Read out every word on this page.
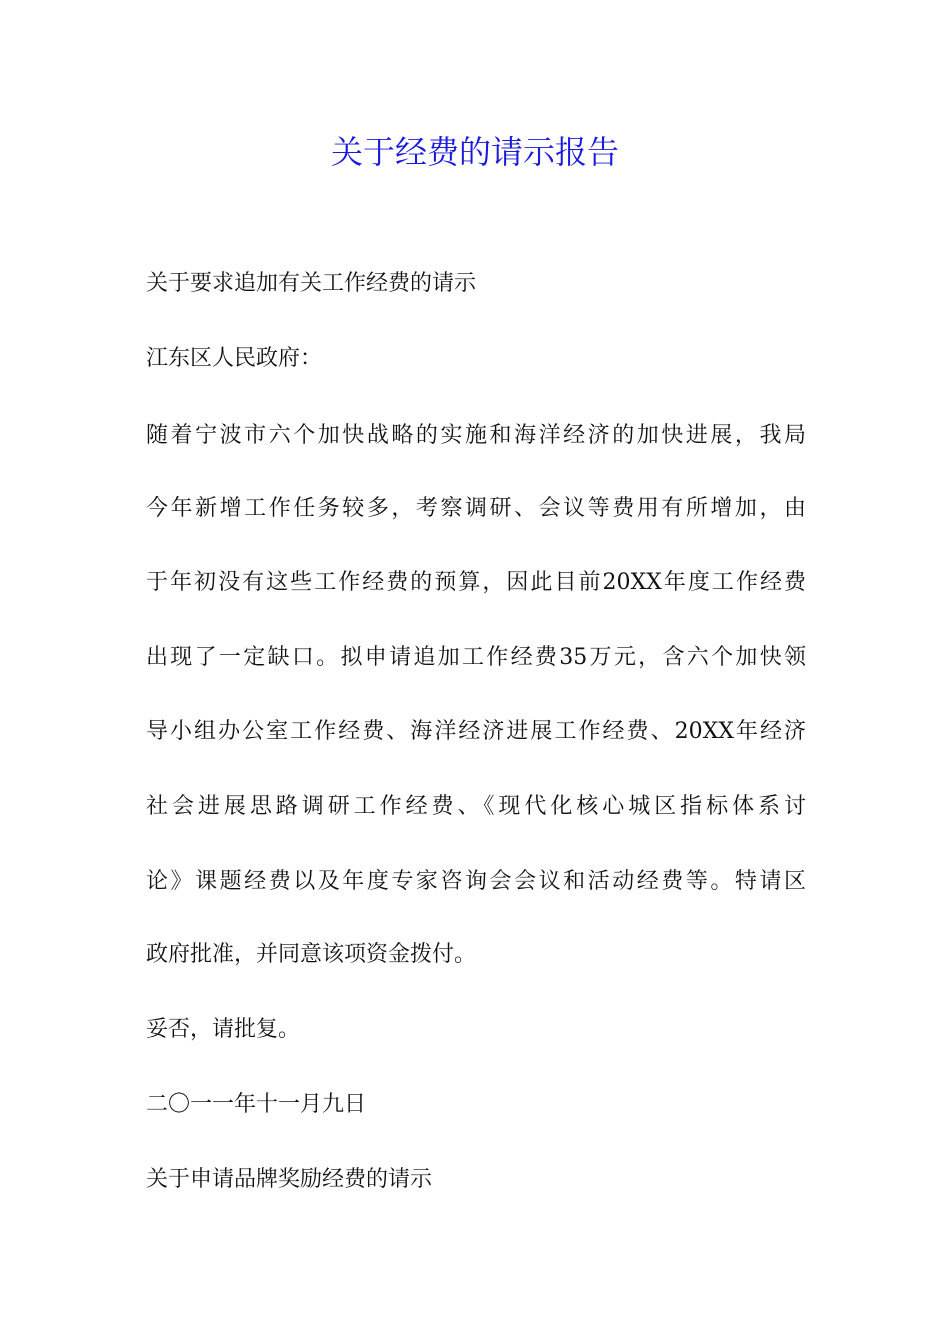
关于经费的请示报告

关于要求追加有关工作经费的请示

江东区人民政府：

随着宁波市六个加快战略的实施和海洋经济的加快进展，我局

今年新增工作任务较多，考察调研、会议等费用有所增加，由

于年初没有这些工作经费的预算，因此目前20XX年度工作经费

出现了一定缺口。拟申请追加工作经费35万元，含六个加快领

导小组办公室工作经费、海洋经济进展工作经费、20XX年经济

社会进展思路调研工作经费、《现代化核心城区指标体系讨

论》课题经费以及年度专家咨询会会议和活动经费等。特请区

政府批准，并同意该项资金拨付。

妥否，请批复。

二〇一一年十一月九日

关于申请品牌奖励经费的请示
